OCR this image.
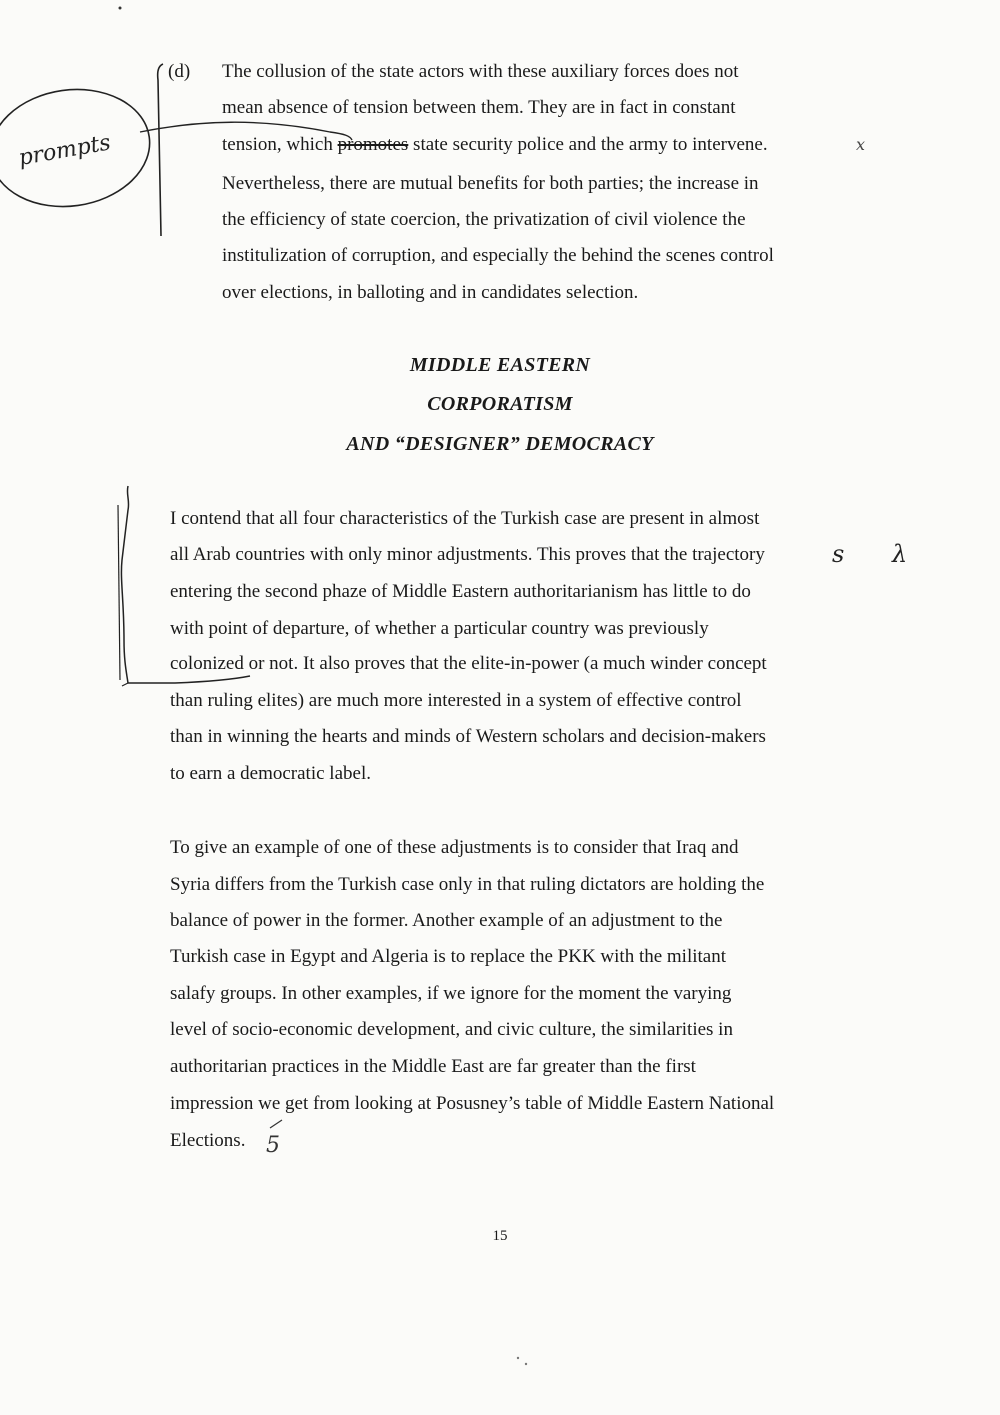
(d) The collusion of the state actors with these auxiliary forces does not
mean absence of tension between them. They are in fact in constant
tension, which promotes state security police and the army to intervene.
Nevertheless, there are mutual benefits for both parties; the increase in
the efficiency of state coercion, the privatization of civil violence the
institulization of corruption, and especially the behind the scenes control
over elections, in balloting and in candidates selection.
MIDDLE EASTERN
CORPORATISM
AND “DESIGNER” DEMOCRACY
I contend that all four characteristics of the Turkish case are present in almost
all Arab countries with only minor adjustments. This proves that the trajectory
entering the second phaze of Middle Eastern authoritarianism has little to do
with point of departure, of whether a particular country was previously
colonized or not. It also proves that the elite-in-power (a much winder concept
than ruling elites) are much more interested in a system of effective control
than in winning the hearts and minds of Western scholars and decision-makers
to earn a democratic label.
To give an example of one of these adjustments is to consider that Iraq and
Syria differs from the Turkish case only in that ruling dictators are holding the
balance of power in the former. Another example of an adjustment to the
Turkish case in Egypt and Algeria is to replace the PKK with the militant
salafy groups. In other examples, if we ignore for the moment the varying
level of socio-economic development, and civic culture, the similarities in
authoritarian practices in the Middle East are far greater than the first
impression we get from looking at Posusney’s table of Middle Eastern National
Elections.
15
prompts	x
s λ
5
